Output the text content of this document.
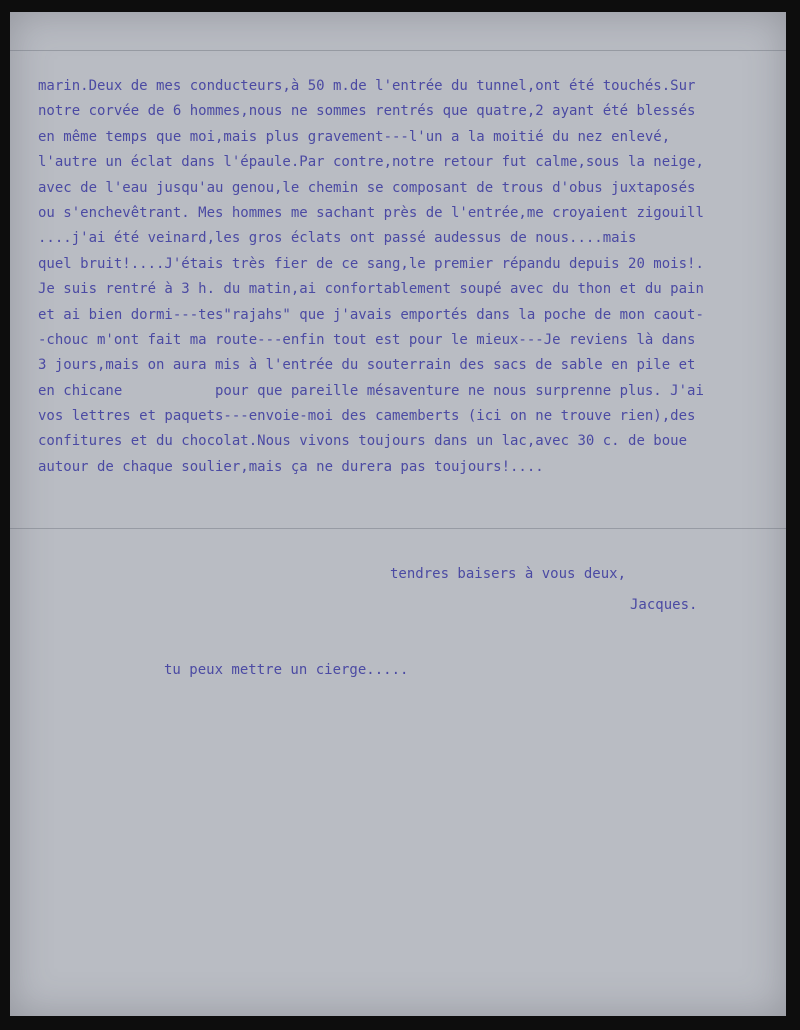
marin.Deux de mes conducteurs,à 50 m.de l'entrée du tunnel,ont été touchés.Sur
notre corvée de 6 hommes,nous ne sommes rentrés que quatre,2 ayant été blessés
en même temps que moi,mais plus gravement---l'un a la moitié du nez enlevé,
l'autre un éclat dans l'épaule.Par contre,notre retour fut calme,sous la neige,
avec de l'eau jusqu'au genou,le chemin se composant de trous d'obus juxtaposés
ou s'enchevêtrant. Mes hommes me sachant près de l'entrée,me croyaient zigouill
....j'ai été veinard,les gros éclats ont passé audessus de nous....mais
quel bruit!....J'étais très fier de ce sang,le premier répandu depuis 20 mois!.
Je suis rentré à 3 h. du matin,ai confortablement soupé avec du thon et du pain
et ai bien dormi---tes"rajahs" que j'avais emportés dans la poche de mon caout-
-chouc m'ont fait ma route---enfin tout est pour le mieux---Je reviens là dans
3 jours,mais on aura mis à l'entrée du souterrain des sacs de sable en pile et
en chicane           pour que pareille mésaventure ne nous surprenne plus. J'ai
vos lettres et paquets---envoie-moi des camemberts (ici on ne trouve rien),des
confitures et du chocolat.Nous vivons toujours dans un lac,avec 30 c. de boue
autour de chaque soulier,mais ça ne durera pas toujours!....
tendres baisers à vous deux,
Jacques.
tu peux mettre un cierge.....
